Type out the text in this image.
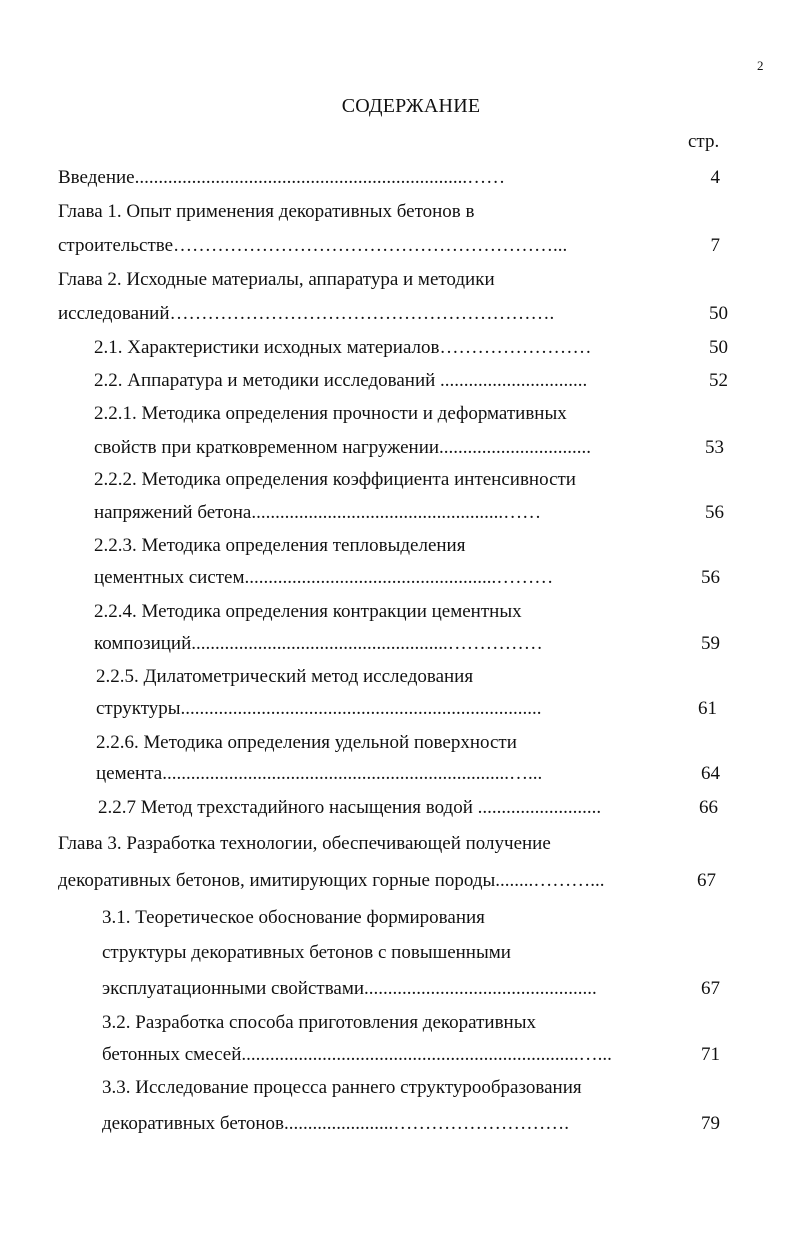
2
СОДЕРЖАНИЕ
стр.
Введение......................................................................……	4
Глава 1. Опыт применения декоративных бетонов в
строительстве……………………………………………………...	7
Глава 2. Исходные материалы, аппаратура и методики
исследований…………………………………………………….	50
2.1. Характеристики исходных материалов……………………	50
2.2. Аппаратура и методики исследований ...............................	52
2.2.1. Методика определения прочности и деформативных
свойств при кратковременном нагружении................................	53
2.2.2. Методика определения коэффициента интенсивности
напряжений бетона.....................................................……	56
2.2.3. Методика определения тепловыделения
цементных систем.....................................................………	56
2.2.4. Методика определения контракции цементных
композиций......................................................……………	59
2.2.5. Дилатометрический метод исследования
структуры............................................................................	61
2.2.6. Методика определения удельной поверхности
цемента.........................................................................…...	64
2.2.7 Метод трехстадийного насыщения водой ..........................	66
Глава 3. Разработка технологии, обеспечивающей получение
декоративных бетонов, имитирующих горные породы........………...	67
3.1. Теоретическое обоснование формирования
структуры декоративных бетонов с повышенными
эксплуатационными свойствами.................................................	67
3.2. Разработка способа приготовления декоративных
бетонных смесей.......................................................................…...	71
3.3. Исследование процесса раннего структурообразования
декоративных бетонов.......................……………………….	79
